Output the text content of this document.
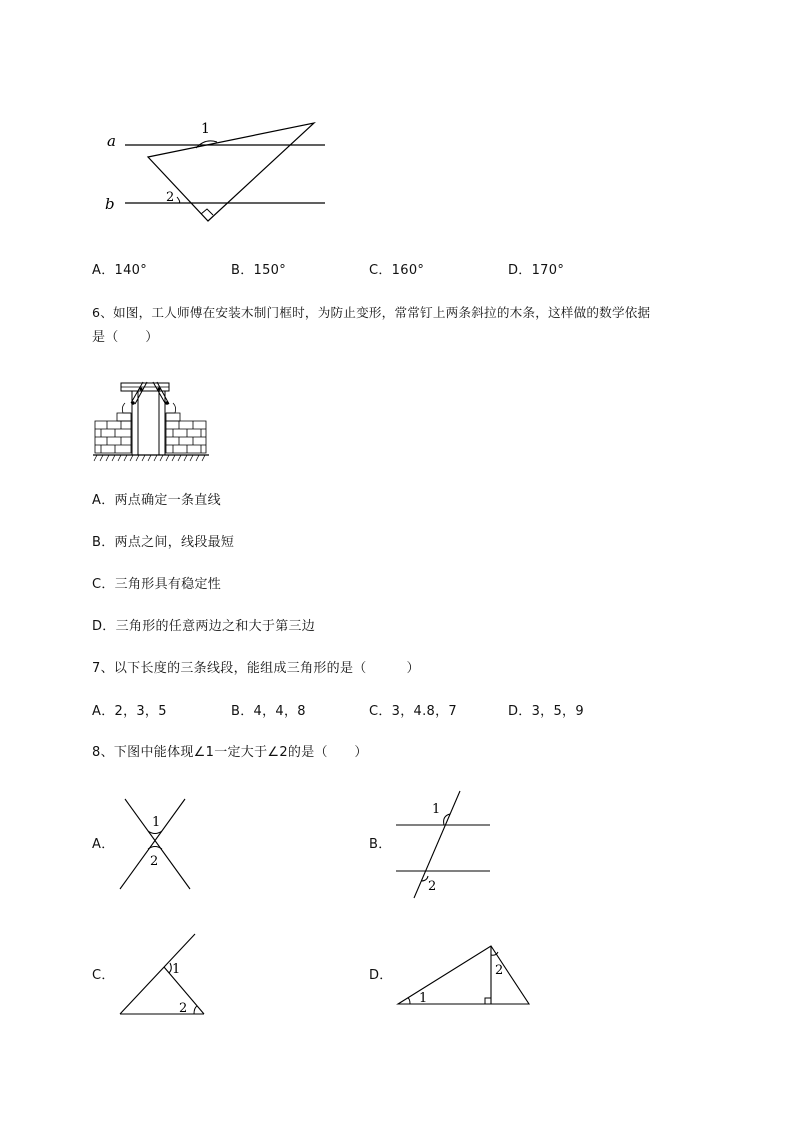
a
b
1
2
A．140°	B．150°	C．160°	D．170°
6、如图，工人师傅在安装木制门框时，为防止变形，常常钉上两条斜拉的木条，这样做的数学依据
是（　　）
A．两点确定一条直线
B．两点之间，线段最短
C．三角形具有稳定性
D．三角形的任意两边之和大于第三边
7、以下长度的三条线段，能组成三角形的是（　　　）
A．2，3，5	B．4，4，8	C．3，4.8，7	D．3，5，9
8、下图中能体现∠1一定大于∠2的是（　　）
A．
1
2
B．
1
2
C．	1
2
D．
1
2
